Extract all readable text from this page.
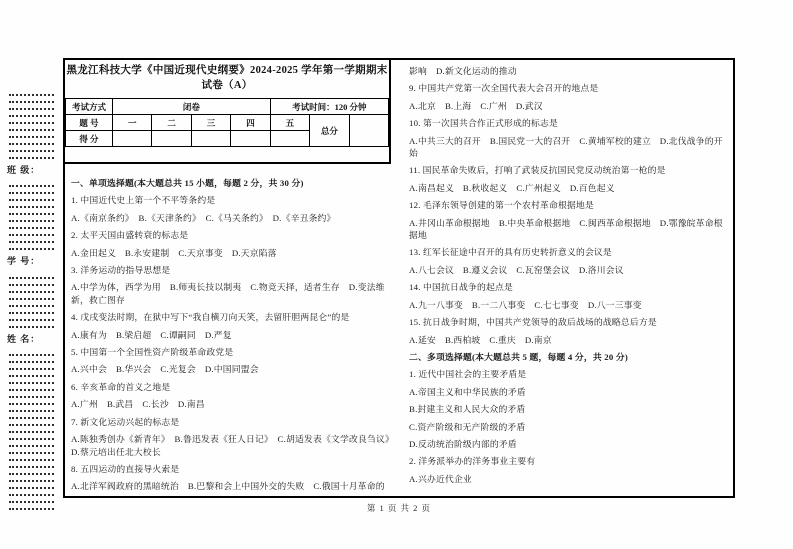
班 级：
学 号：
姓 名：
黑龙江科技大学《中国近现代史纲要》2024-2025 学年第一学期期末
试卷（A）
考试方式	闭卷				考试时间：120 分钟		
题 号	一	二	三	四	五	总分	
得 分							

一、单项选择题(本大题总共 15 小题，每题 2 分，共 30 分)

1. 中国近代史上第一个不平等条约是

A.《南京条约》　B.《天津条约》　C.《马关条约》　D.《辛丑条约》

2. 太平天国由盛转衰的标志是

A.金田起义　B.永安建制　C.天京事变　D.天京陷落

3. 洋务运动的指导思想是

A.中学为体，西学为用　B.师夷长技以制夷　C.物竞天择，适者生存　D.变法维新，救亡图存

4. 戊戌变法时期，在狱中写下“我自横刀向天笑，去留肝胆两昆仑”的是

A.康有为　B.梁启超　C.谭嗣同　D.严复

5. 中国第一个全国性资产阶级革命政党是

A.兴中会　B.华兴会　C.光复会　D.中国同盟会

6. 辛亥革命的首义之地是

A.广州　B.武昌　C.长沙　D.南昌

7. 新文化运动兴起的标志是

A.陈独秀创办《新青年》　B.鲁迅发表《狂人日记》　C.胡适发表《文学改良刍议》　D.蔡元培出任北大校长

8. 五四运动的直接导火索是

A.北洋军阀政府的黑暗统治　B.巴黎和会上中国外交的失败　C.俄国十月革命的

影响　D.新文化运动的推动

9. 中国共产党第一次全国代表大会召开的地点是

A.北京　B.上海　C.广州　D.武汉

10. 第一次国共合作正式形成的标志是

A.中共三大的召开　B.国民党一大的召开　C.黄埔军校的建立　D.北伐战争的开始

11. 国民革命失败后，打响了武装反抗国民党反动统治第一枪的是

A.南昌起义　B.秋收起义　C.广州起义　D.百色起义

12. 毛泽东领导创建的第一个农村革命根据地是

A.井冈山革命根据地　B.中央革命根据地　C.闽西革命根据地　D.鄂豫皖革命根据地

13. 红军长征途中召开的具有历史转折意义的会议是

A.八七会议　B.遵义会议　C.瓦窑堡会议　D.洛川会议

14. 中国抗日战争的起点是

A.九一八事变　B.一二八事变　C.七七事变　D.八一三事变

15. 抗日战争时期，中国共产党领导的敌后战场的战略总后方是

A.延安　B.西柏坡　C.重庆　D.南京

二、多项选择题(本大题总共 5 题，每题 4 分，共 20 分)

1. 近代中国社会的主要矛盾是

A.帝国主义和中华民族的矛盾

B.封建主义和人民大众的矛盾

C.资产阶级和无产阶级的矛盾

D.反动统治阶级内部的矛盾

2. 洋务派举办的洋务事业主要有

A.兴办近代企业

第 1 页 共 2 页
